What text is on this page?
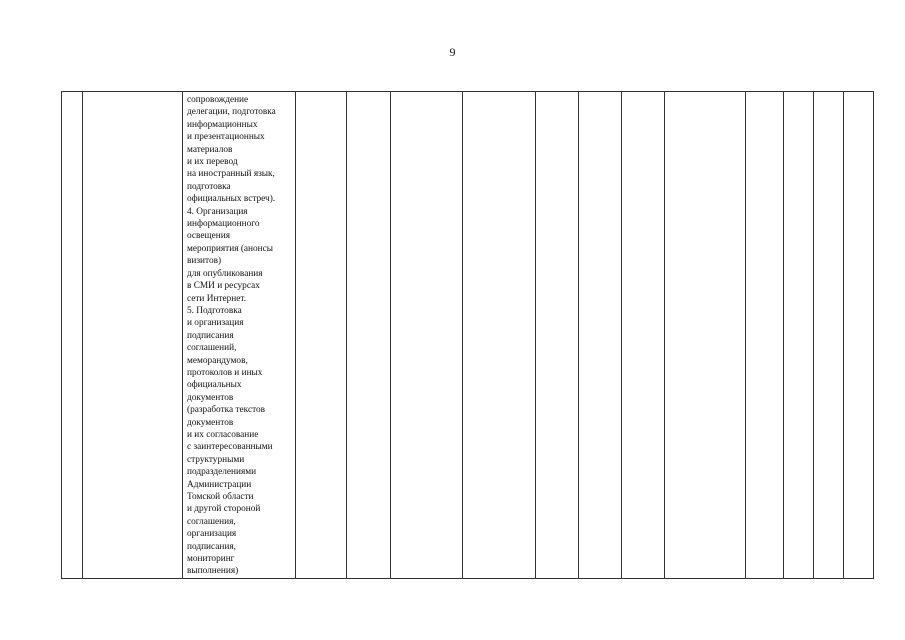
9

сопровождение
делегации, подготовка
информационных
и презентационных
материалов
и их перевод
на иностранный язык,
подготовка
официальных встреч).
4. Организация
информационного
освещения
мероприятия (анонсы
визитов)
для опубликования
в СМИ и ресурсах
сети Интернет.
5. Подготовка
и организация
подписания
соглашений,
меморандумов,
протоколов и иных
официальных
документов
(разработка текстов
документов
и их согласование
с заинтересованными
структурными
подразделениями
Администрации
Томской области
и другой стороной
соглашения,
организация
подписания,
мониторинг
выполнения)
